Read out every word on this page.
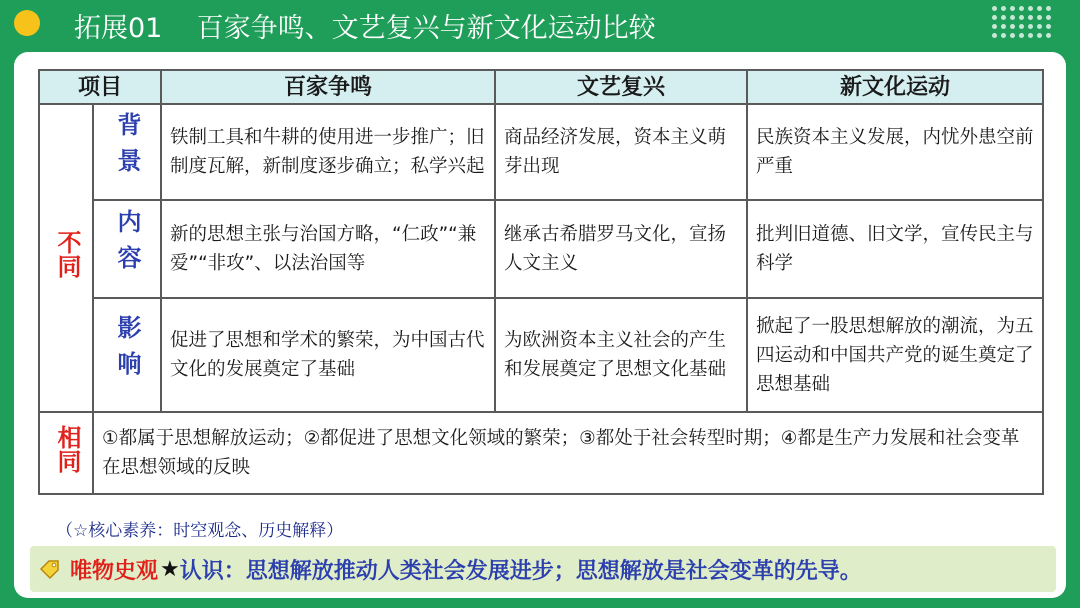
拓展01    百家争鸣、文艺复兴与新文化运动比较
项目		百家争鸣	文艺复兴	新文化运动
不同	背景	铁制工具和牛耕的使用进一步推广；旧制度瓦解，新制度逐步确立；私学兴起	商品经济发展，资本主义萌芽出现	民族资本主义发展，内忧外患空前严重
	内容	新的思想主张与治国方略，“仁政”“兼爱”“非攻”、以法治国等	继承古希腊罗马文化，宣扬人文主义	批判旧道德、旧文学，宣传民主与科学
	影响	促进了思想和学术的繁荣，为中国古代文化的发展奠定了基础	为欧洲资本主义社会的产生和发展奠定了思想文化基础	掀起了一股思想解放的潮流，为五四运动和中国共产党的诞生奠定了思想基础
相同	①都属于思想解放运动；②都促进了思想文化领域的繁荣；③都处于社会转型时期；④都是生产力发展和社会变革在思想领域的反映			
（☆核心素养：时空观念、历史解释）
唯物史观 ★ 认识：思想解放推动人类社会发展进步；思想解放是社会变革的先导。
